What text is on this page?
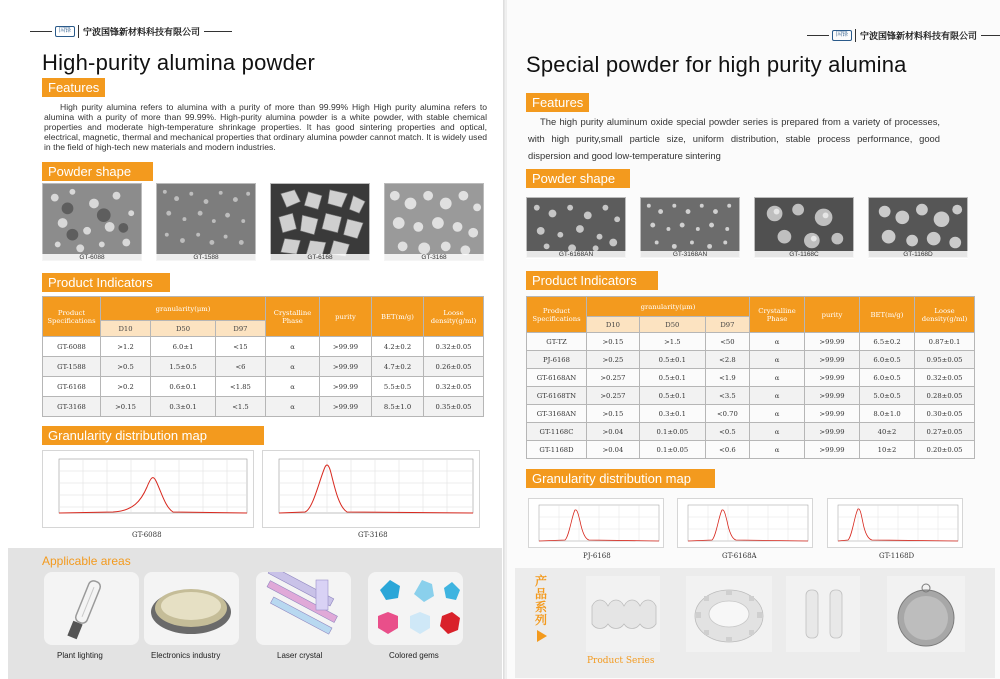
国锋	宁波国锋新材料科技有限公司
High-purity alumina powder
Features
High purity alumina refers to alumina with a purity of more than 99.99% High High purity alumina refers to alumina with a purity of more than 99.99%. High-purity alumina powder is a white powder, with stable chemical properties and moderate high-temperature shrinkage properties. It has good sintering properties and optical, electrical, magnetic, thermal and mechanical properties that ordinary alumina powder cannot match. It is widely used in the field of high-tech new materials and modern industries.
Powder shape
GT-6088	GT-1588	GT-6168	GT-3168
Product Indicators
Product Specifications	granularity(μm)			Crystalline Phase	purity	BET(m/g)	Loose density(g/ml)
	D10	D50	D97				
GT-6088	>1.2	6.0±1	<15	α	>99.99	4.2±0.2	0.32±0.05
GT-1588	>0.5	1.5±0.5	<6	α	>99.99	4.7±0.2	0.26±0.05
GT-6168	>0.2	0.6±0.1	<1.85	α	>99.99	5.5±0.5	0.32±0.05
GT-3168	>0.15	0.3±0.1	<1.5	α	>99.99	8.5±1.0	0.35±0.05
Granularity distribution map
GT-6088	GT-3168
Applicable areas
Plant lighting	Electronics industry	Laser crystal	Colored gems
国锋	宁波国锋新材料科技有限公司
Special powder for high purity alumina
Features
The high purity aluminum oxide special powder series is prepared from a variety of processes, with high purity,small particle size, uniform distribution, stable process performance, good dispersion and good low-temperature sintering
Powder shape
GT-6168AN	GT-3168AN	GT-1168C	GT-1168D
Product Indicators
Product Specifications	granularity(μm)			Crystalline Phase	purity	BET(m/g)	Loose density(g/ml)
	D10	D50	D97				
GT-TZ	>0.15	>1.5	<50	α	>99.99	6.5±0.2	0.87±0.1
PJ-6168	>0.25	0.5±0.1	<2.8	α	>99.99	6.0±0.5	0.95±0.05
GT-6168AN	>0.257	0.5±0.1	<1.9	α	>99.99	6.0±0.5	0.32±0.05
GT-6168TN	>0.257	0.5±0.1	<3.5	α	>99.99	5.0±0.5	0.28±0.05
GT-3168AN	>0.15	0.3±0.1	<0.70	α	>99.99	8.0±1.0	0.30±0.05
GT-1168C	>0.04	0.1±0.05	<0.5	α	>99.99	40±2	0.27±0.05
GT-1168D	>0.04	0.1±0.05	<0.6	α	>99.99	10±2	0.20±0.05
Granularity distribution map
PJ-6168	GT-6168A	GT-1168D
产品系列
Product Series
